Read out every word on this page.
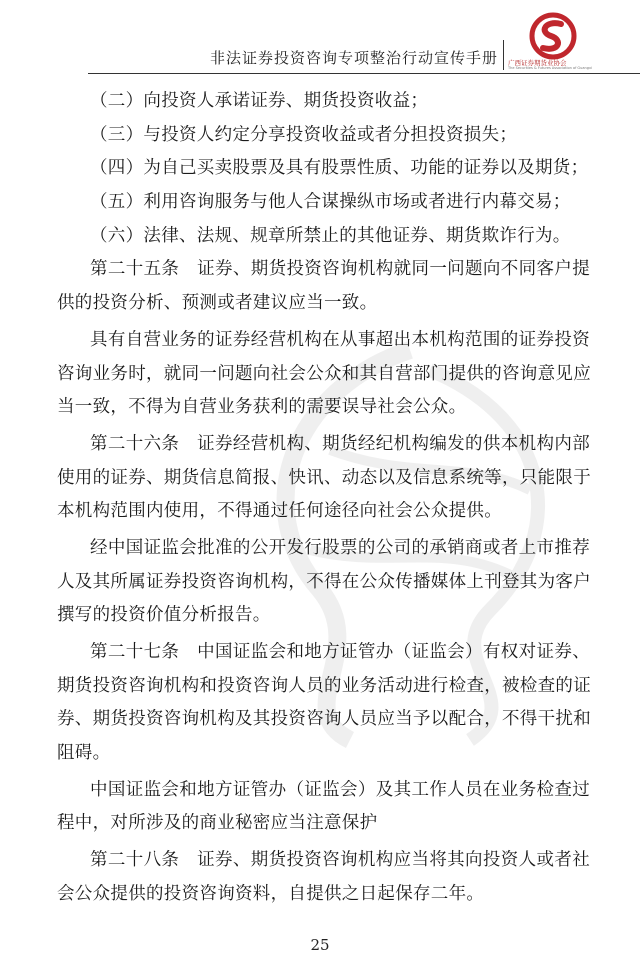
非法证券投资咨询专项整治行动宣传手册 广西证券期货业协会
The Securities & Futures Association of Guangxi
（二）向投资人承诺证券、期货投资收益；
（三）与投资人约定分享投资收益或者分担投资损失；
（四）为自己买卖股票及具有股票性质、功能的证券以及期货；
（五）利用咨询服务与他人合谋操纵市场或者进行内幕交易；
（六）法律、法规、规章所禁止的其他证券、期货欺诈行为。
第二十五条　证券、期货投资咨询机构就同一问题向不同客户提
供的投资分析、预测或者建议应当一致。
具有自营业务的证券经营机构在从事超出本机构范围的证券投资
咨询业务时，就同一问题向社会公众和其自营部门提供的咨询意见应
当一致，不得为自营业务获利的需要误导社会公众。
第二十六条　证券经营机构、期货经纪机构编发的供本机构内部
使用的证券、期货信息简报、快讯、动态以及信息系统等，只能限于
本机构范围内使用，不得通过任何途径向社会公众提供。
经中国证监会批准的公开发行股票的公司的承销商或者上市推荐
人及其所属证券投资咨询机构，不得在公众传播媒体上刊登其为客户
撰写的投资价值分析报告。
第二十七条　中国证监会和地方证管办（证监会）有权对证券、
期货投资咨询机构和投资咨询人员的业务活动进行检查，被检查的证
券、期货投资咨询机构及其投资咨询人员应当予以配合，不得干扰和
阻碍。
中国证监会和地方证管办（证监会）及其工作人员在业务检查过
程中，对所涉及的商业秘密应当注意保护
第二十八条　证券、期货投资咨询机构应当将其向投资人或者社
会公众提供的投资咨询资料，自提供之日起保存二年。
25
